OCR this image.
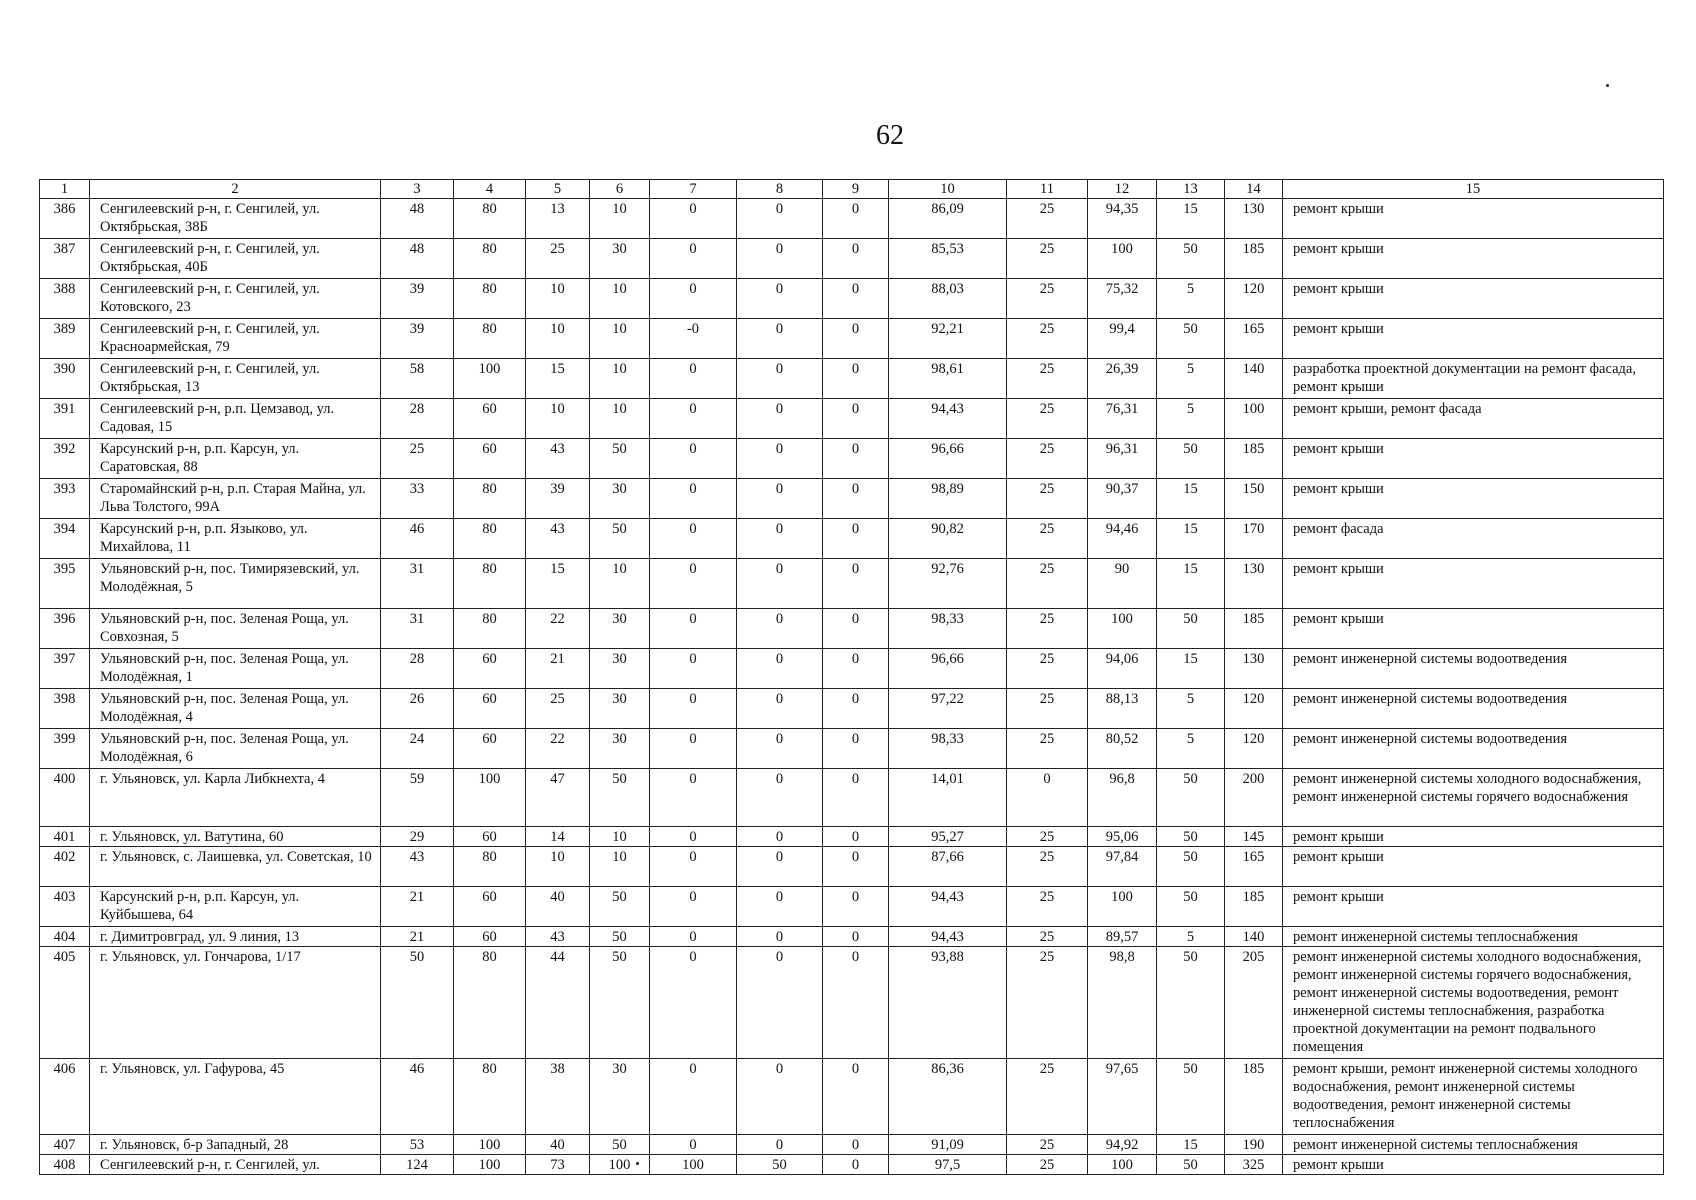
62
1	2	3	4	5	6	7	8	9	10	11	12	13	14	15
386	Сенгилеевский р-н, г. Сенгилей, ул. Октябрьская, 38Б	48	80	13	10	0	0	0	86,09	25	94,35	15	130	ремонт крыши
387	Сенгилеевский р-н, г. Сенгилей, ул. Октябрьская, 40Б	48	80	25	30	0	0	0	85,53	25	100	50	185	ремонт крыши
388	Сенгилеевский р-н, г. Сенгилей, ул. Котовского, 23	39	80	10	10	0	0	0	88,03	25	75,32	5	120	ремонт крыши
389	Сенгилеевский р-н, г. Сенгилей, ул. Красноармейская, 79	39	80	10	10	-0	0	0	92,21	25	99,4	50	165	ремонт крыши
390	Сенгилеевский р-н, г. Сенгилей, ул. Октябрьская, 13	58	100	15	10	0	0	0	98,61	25	26,39	5	140	разработка проектной документации на ремонт фасада, ремонт крыши
391	Сенгилеевский р-н, р.п. Цемзавод, ул. Садовая, 15	28	60	10	10	0	0	0	94,43	25	76,31	5	100	ремонт крыши, ремонт фасада
392	Карсунский р-н, р.п. Карсун, ул. Саратовская, 88	25	60	43	50	0	0	0	96,66	25	96,31	50	185	ремонт крыши
393	Старомайнский р-н, р.п. Старая Майна, ул. Льва Толстого, 99А	33	80	39	30	0	0	0	98,89	25	90,37	15	150	ремонт крыши
394	Карсунский р-н, р.п. Языково, ул. Михайлова, 11	46	80	43	50	0	0	0	90,82	25	94,46	15	170	ремонт фасада
395	Ульяновский р-н, пос. Тимирязевский, ул. Молодёжная, 5	31	80	15	10	0	0	0	92,76	25	90	15	130	ремонт крыши
396	Ульяновский р-н, пос. Зеленая Роща, ул. Совхозная, 5	31	80	22	30	0	0	0	98,33	25	100	50	185	ремонт крыши
397	Ульяновский р-н, пос. Зеленая Роща, ул. Молодёжная, 1	28	60	21	30	0	0	0	96,66	25	94,06	15	130	ремонт инженерной системы водоотведения
398	Ульяновский р-н, пос. Зеленая Роща, ул. Молодёжная, 4	26	60	25	30	0	0	0	97,22	25	88,13	5	120	ремонт инженерной системы водоотведения
399	Ульяновский р-н, пос. Зеленая Роща, ул. Молодёжная, 6	24	60	22	30	0	0	0	98,33	25	80,52	5	120	ремонт инженерной системы водоотведения
400	г. Ульяновск, ул. Карла Либкнехта, 4	59	100	47	50	0	0	0	14,01	0	96,8	50	200	ремонт инженерной системы холодного водоснабжения, ремонт инженерной системы горячего водоснабжения
401	г. Ульяновск, ул. Ватутина, 60	29	60	14	10	0	0	0	95,27	25	95,06	50	145	ремонт крыши
402	г. Ульяновск, с. Лаишевка, ул. Советская, 10	43	80	10	10	0	0	0	87,66	25	97,84	50	165	ремонт крыши
403	Карсунский р-н, р.п. Карсун, ул. Куйбышева, 64	21	60	40	50	0	0	0	94,43	25	100	50	185	ремонт крыши
404	г. Димитровград, ул. 9 линия, 13	21	60	43	50	0	0	0	94,43	25	89,57	5	140	ремонт инженерной системы теплоснабжения
405	г. Ульяновск, ул. Гончарова, 1/17	50	80	44	50	0	0	0	93,88	25	98,8	50	205	ремонт инженерной системы холодного водоснабжения, ремонт инженерной системы горячего водоснабжения, ремонт инженерной системы водоотведения, ремонт инженерной системы теплоснабжения, разработка проектной документации на ремонт подвального помещения
406	г. Ульяновск, ул. Гафурова, 45	46	80	38	30	0	0	0	86,36	25	97,65	50	185	ремонт крыши, ремонт инженерной системы холодного водоснабжения, ремонт инженерной системы водоотведения, ремонт инженерной системы теплоснабжения
407	г. Ульяновск, б-р Западный, 28	53	100	40	50	0	0	0	91,09	25	94,92	15	190	ремонт инженерной системы теплоснабжения
408	Сенгилеевский р-н, г. Сенгилей, ул.	124	100	73	100	100	50	0	97,5	25	100	50	325	ремонт крыши
